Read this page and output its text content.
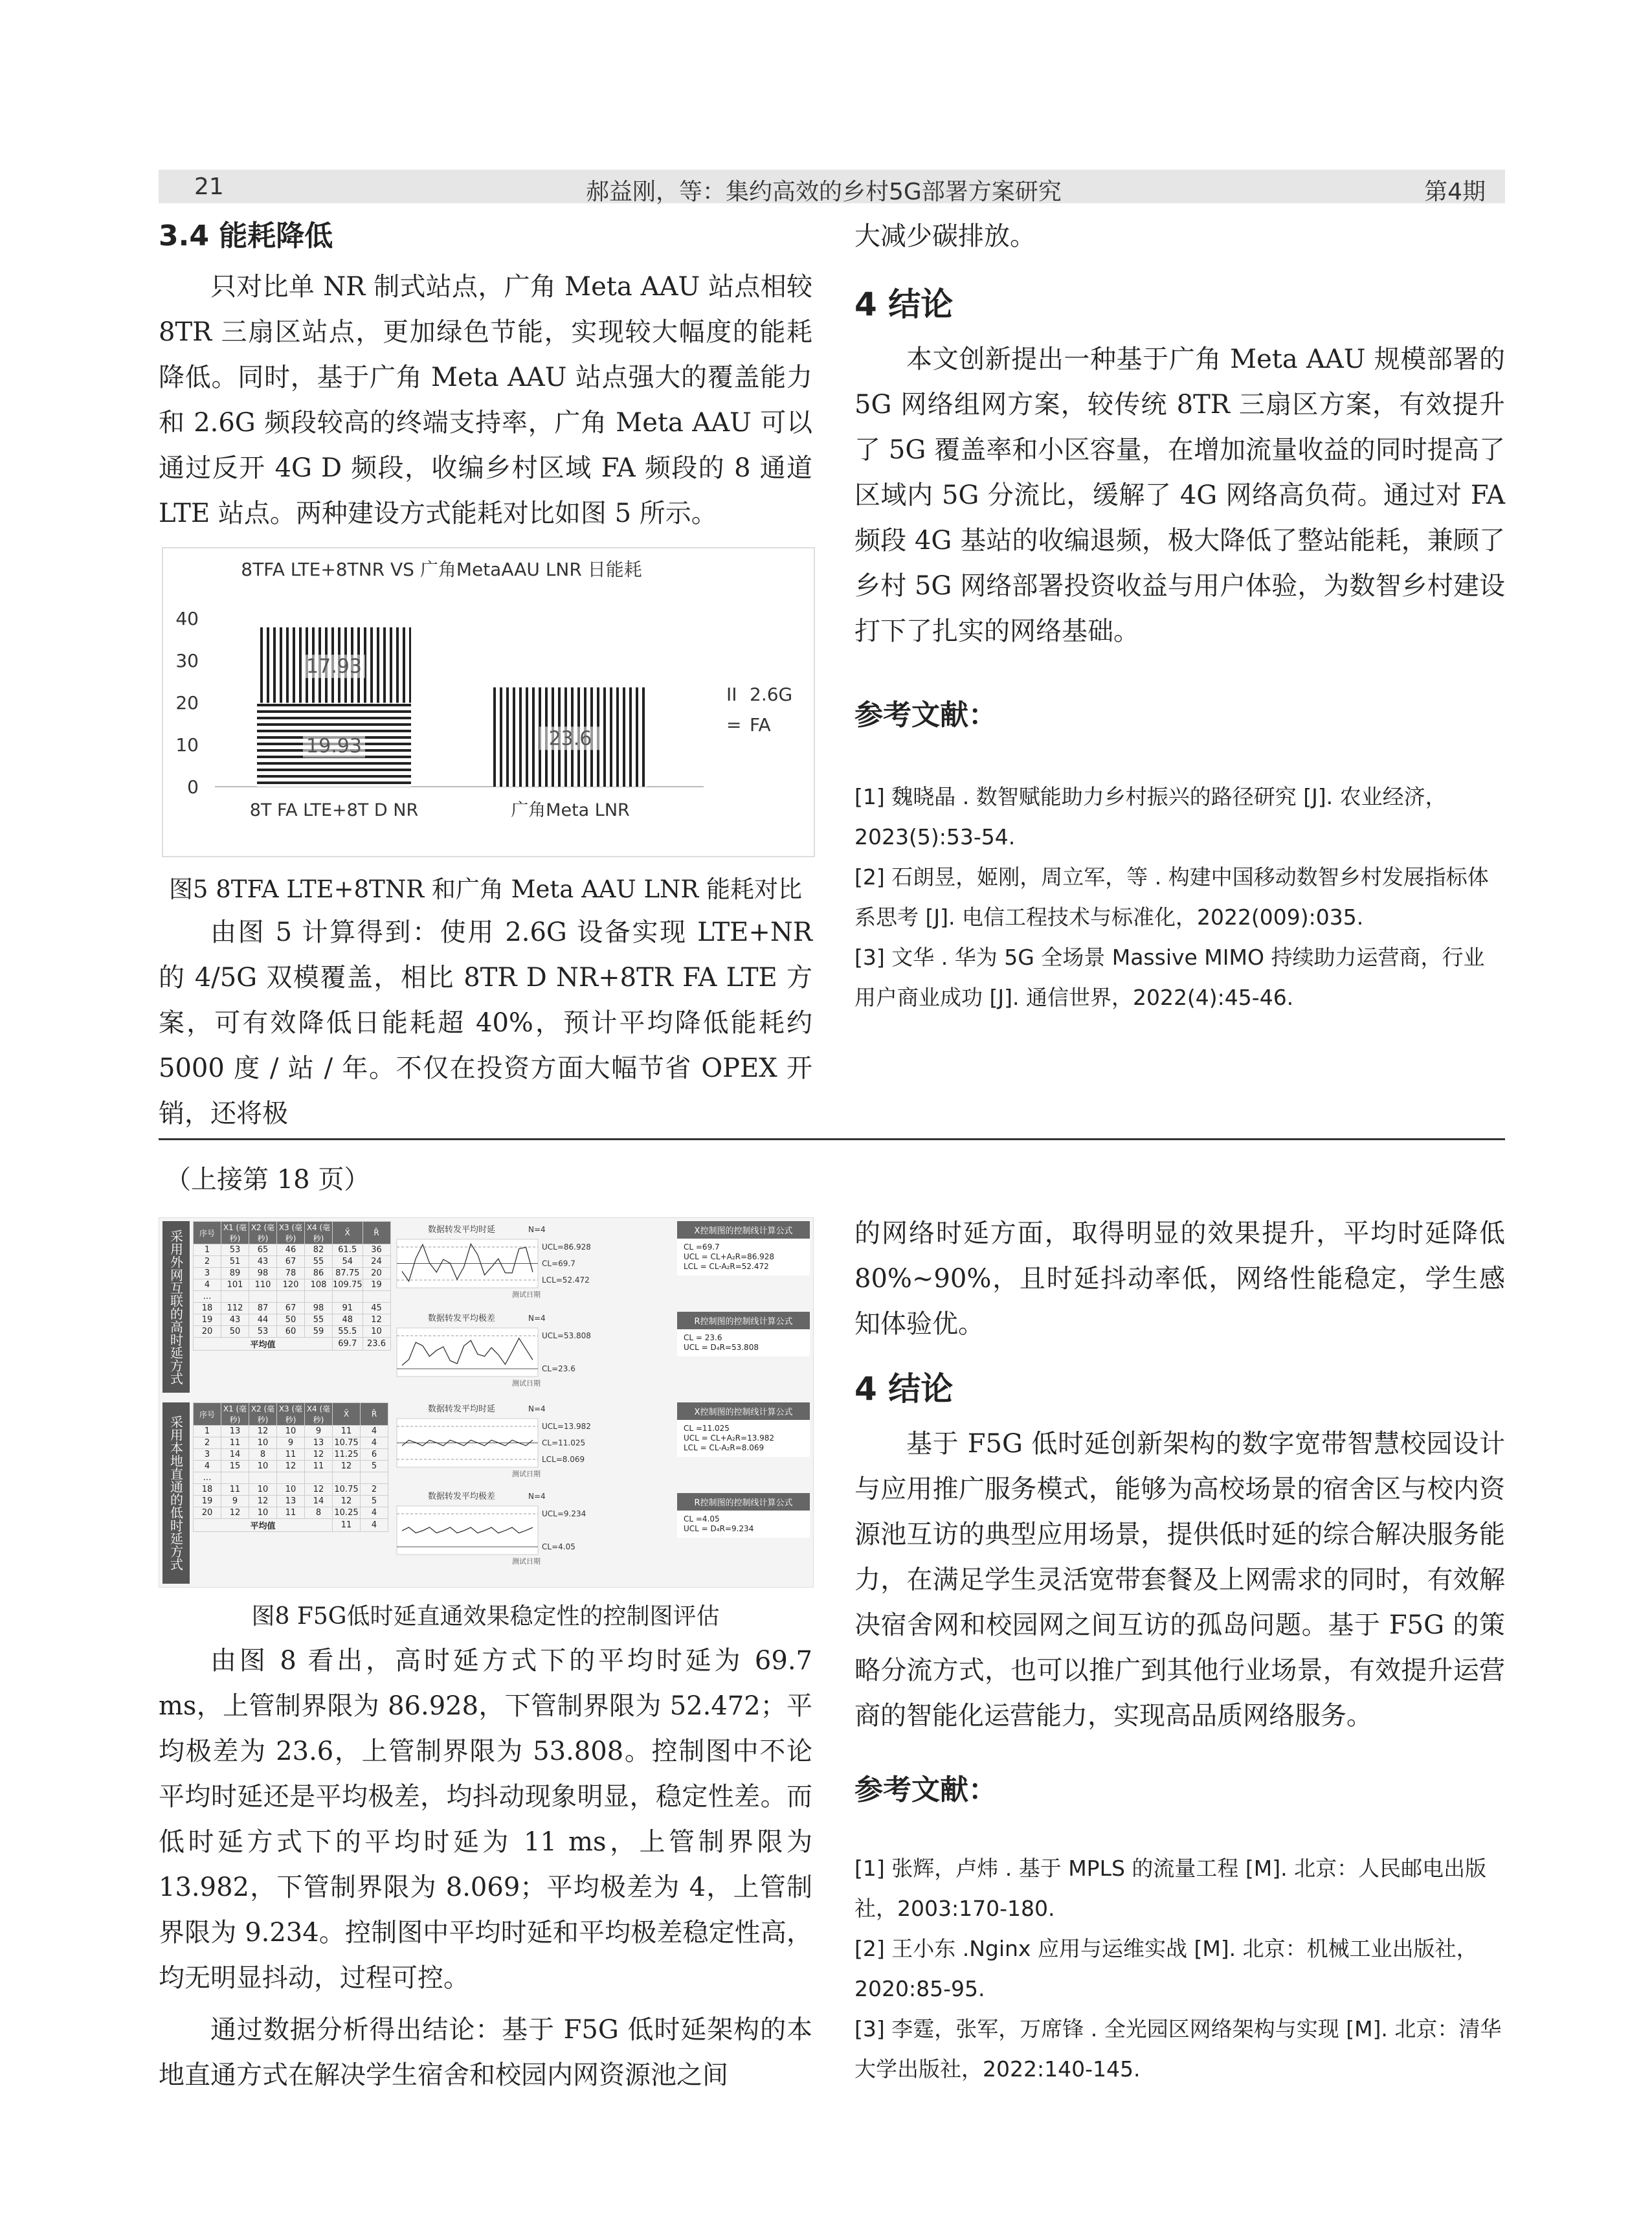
21	郝益刚，等：集约高效的乡村5G部署方案研究	第4期
3.4 能耗降低

只对比单 NR 制式站点，广角 Meta AAU 站点相较 8TR 三扇区站点，更加绿色节能，实现较大幅度的能耗降低。同时，基于广角 Meta AAU 站点强大的覆盖能力和 2.6G 频段较高的终端支持率，广角 Meta AAU 可以通过反开 4G D 频段，收编乡村区域 FA 频段的 8 通道 LTE 站点。两种建设方式能耗对比如图 5 所示。

8TFA LTE+8TNR VS 广角MetaAAU LNR 日能耗
0
10
20
30
40
8T FA LTE+8T D NR	广角Meta LNR
19.93
17.93
23.6
II 2.6G
= FA
图5 8TFA LTE+8TNR 和广角 Meta AAU LNR 能耗对比

由图 5 计算得到：使用 2.6G 设备实现 LTE+NR 的 4/5G 双模覆盖，相比 8TR D NR+8TR FA LTE 方案，可有效降低日能耗超 40%，预计平均降低能耗约 5000 度 / 站 / 年。不仅在投资方面大幅节省 OPEX 开销，还将极

大减少碳排放。
4 结论

本文创新提出一种基于广角 Meta AAU 规模部署的 5G 网络组网方案，较传统 8TR 三扇区方案，有效提升了 5G 覆盖率和小区容量，在增加流量收益的同时提高了区域内 5G 分流比，缓解了 4G 网络高负荷。通过对 FA 频段 4G 基站的收编退频，极大降低了整站能耗，兼顾了乡村 5G 网络部署投资收益与用户体验，为数智乡村建设打下了扎实的网络基础。

参考文献：
[1] 魏晓晶 . 数智赋能助力乡村振兴的路径研究 [J]. 农业经济，2023(5):53-54.
[2] 石朗昱，姬刚，周立军，等 . 构建中国移动数智乡村发展指标体系思考 [J]. 电信工程技术与标准化，2022(009):035.
[3] 文华 . 华为 5G 全场景 Massive MIMO 持续助力运营商，行业用户商业成功 [J]. 通信世界，2022(4):45-46.
（上接第 18 页）
采用外网互联的高时延方式	序号	X1 (毫秒)	X2 (毫秒)	X3 (毫秒)	X4 (毫秒)	X̄	R̄
1	53	65	46	82	61.5	36
2	51	43	67	55	54	24
3	89	98	78	86	87.75	20
4	101	110	120	108	109.75	19
…						
18	112	87	67	98	91	45
19	43	44	50	55	48	12
20	50	53	60	59	55.5	10
平均值					69.7	23.6
采用本地直通的低时延方式
序号	X1 (毫秒)	X2 (毫秒)	X3 (毫秒)	X4 (毫秒)	X̄	R̄
1	13	12	10	9	11	4
2	11	10	9	13	10.75	4
3	14	8	11	12	11.25	6
4	15	10	12	11	12	5
…						
18	11	10	10	12	10.75	2
19	9	12	13	14	12	5
20	12	10	11	8	10.25	4
平均值					11	4
数据转发平均时延	N=4
UCL=86.928
CL=69.7
LCL=52.472
测试日期
数据转发平均极差	N=4
UCL=53.808
CL=23.6
测试日期
数据转发平均时延	N=4
UCL=13.982
CL=11.025
LCL=8.069
测试日期
数据转发平均极差	N=4
UCL=9.234
CL=4.05
测试日期
X控制图的控制线计算公式
CL =69.7
UCL = CL+A₂R=86.928
LCL = CL-A₂R=52.472
R控制图的控制线计算公式
CL = 23.6
UCL = D₄R=53.808
X控制图的控制线计算公式
CL =11.025
UCL = CL+A₂R=13.982
LCL = CL-A₂R=8.069
R控制图的控制线计算公式
CL =4.05
UCL = D₄R=9.234
图8 F5G低时延直通效果稳定性的控制图评估

由图 8 看出，高时延方式下的平均时延为 69.7 ms，上管制界限为 86.928，下管制界限为 52.472；平均极差为 23.6，上管制界限为 53.808。控制图中不论平均时延还是平均极差，均抖动现象明显，稳定性差。而低时延方式下的平均时延为 11 ms，上管制界限为 13.982，下管制界限为 8.069；平均极差为 4，上管制界限为 9.234。控制图中平均时延和平均极差稳定性高，均无明显抖动，过程可控。

通过数据分析得出结论：基于 F5G 低时延架构的本地直通方式在解决学生宿舍和校园内网资源池之间

的网络时延方面，取得明显的效果提升，平均时延降低 80%~90%，且时延抖动率低，网络性能稳定，学生感知体验优。
4 结论

基于 F5G 低时延创新架构的数字宽带智慧校园设计与应用推广服务模式，能够为高校场景的宿舍区与校内资源池互访的典型应用场景，提供低时延的综合解决服务能力，在满足学生灵活宽带套餐及上网需求的同时，有效解决宿舍网和校园网之间互访的孤岛问题。基于 F5G 的策略分流方式，也可以推广到其他行业场景，有效提升运营商的智能化运营能力，实现高品质网络服务。

参考文献：
[1] 张辉，卢炜 . 基于 MPLS 的流量工程 [M]. 北京：人民邮电出版社，2003:170-180.
[2] 王小东 .Nginx 应用与运维实战 [M]. 北京：机械工业出版社，2020:85-95.
[3] 李霆，张军，万席锋 . 全光园区网络架构与实现 [M]. 北京：清华大学出版社，2022:140-145.
